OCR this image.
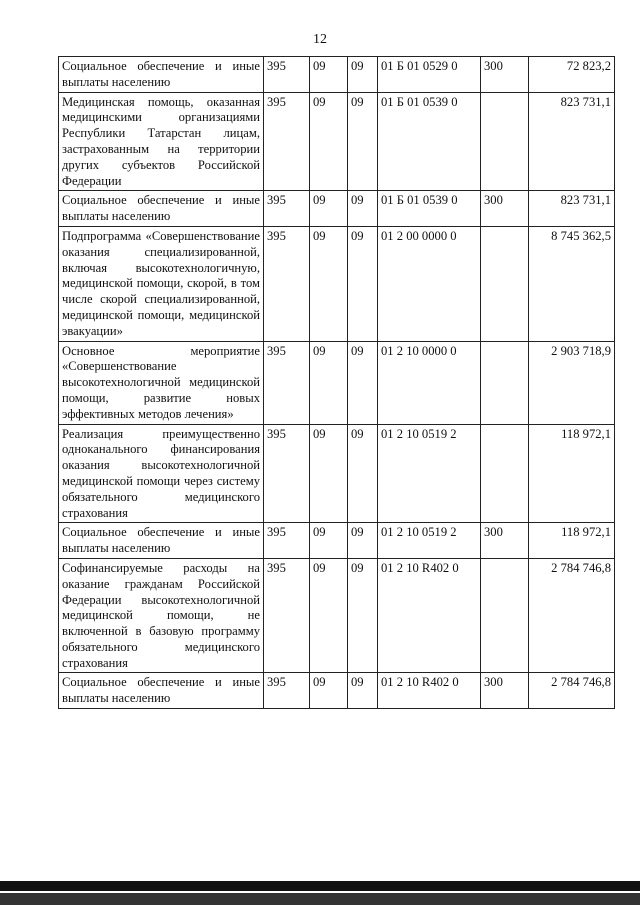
12
Социальное обеспечение и иные выплаты населению	395	09	09	01 Б 01 0529 0	300	72 823,2
Медицинская помощь, оказанная медицинскими организациями Республики Татарстан лицам, застрахованным на территории других субъектов Российской Федерации	395	09	09	01 Б 01 0539 0		823 731,1
Социальное обеспечение и иные выплаты населению	395	09	09	01 Б 01 0539 0	300	823 731,1
Подпрограмма «Совершенствование оказания специализированной, включая высокотехнологичную, медицинской помощи, скорой, в том числе скорой специализированной, медицинской помощи, медицинской эвакуации»	395	09	09	01 2 00 0000 0		8 745 362,5
Основное мероприятие «Совершенствование высокотехнологичной медицинской помощи, развитие новых эффективных методов лечения»	395	09	09	01 2 10 0000 0		2 903 718,9
Реализация преимущественно одноканального финансирования оказания высокотехнологичной медицинской помощи через систему обязательного медицинского страхования	395	09	09	01 2 10 0519 2		118 972,1
Социальное обеспечение и иные выплаты населению	395	09	09	01 2 10 0519 2	300	118 972,1
Софинансируемые расходы на оказание гражданам Российской Федерации высокотехнологичной медицинской помощи, не включенной в базовую программу обязательного медицинского страхования	395	09	09	01 2 10 R402 0		2 784 746,8
Социальное обеспечение и иные выплаты населению	395	09	09	01 2 10 R402 0	300	2 784 746,8
